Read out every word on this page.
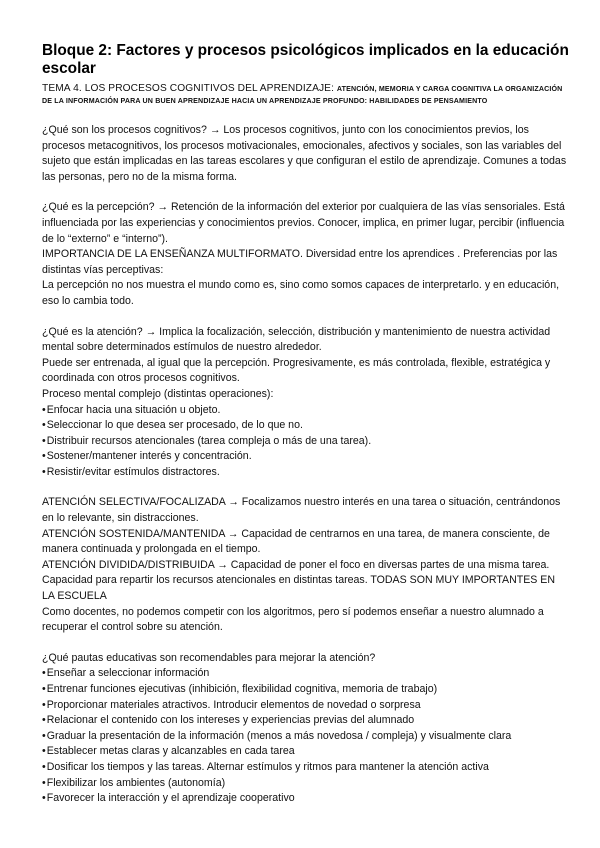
Bloque 2: Factores y procesos psicológicos implicados en la educación escolar

TEMA 4. LOS PROCESOS COGNITIVOS DEL APRENDIZAJE: ATENCIÓN, MEMORIA Y CARGA COGNITIVA LA ORGANIZACIÓN DE LA INFORMACIÓN PARA UN BUEN APRENDIZAJE HACIA UN APRENDIZAJE PROFUNDO: HABILIDADES DE PENSAMIENTO

¿Qué son los procesos cognitivos? → Los procesos cognitivos, junto con los conocimientos previos, los procesos metacognitivos, los procesos motivacionales, emocionales, afectivos y sociales, son las variables del sujeto que están implicadas en las tareas escolares y que configuran el estilo de aprendizaje. Comunes a todas las personas, pero no de la misma forma.

¿Qué es la percepción? → Retención de la información del exterior por cualquiera de las vías sensoriales. Está influenciada por las experiencias y conocimientos previos. Conocer, implica, en primer lugar, percibir (influencia de lo “externo” e “interno”).

IMPORTANCIA DE LA ENSEÑANZA MULTIFORMATO. Diversidad entre los aprendices . Preferencias por las distintas vías perceptivas:

La percepción no nos muestra el mundo como es, sino como somos capaces de interpretarlo. y en educación, eso lo cambia todo.

¿Qué es la atención? → Implica la focalización, selección, distribución y mantenimiento de nuestra actividad mental sobre determinados estímulos de nuestro alrededor.

Puede ser entrenada, al igual que la percepción. Progresivamente, es más controlada, flexible, estratégica y coordinada con otros procesos cognitivos.

Proceso mental complejo (distintas operaciones):

• Enfocar hacia una situación u objeto.
• Seleccionar lo que desea ser procesado, de lo que no.
• Distribuir recursos atencionales (tarea compleja o más de una tarea).
• Sostener/mantener interés y concentración.
• Resistir/evitar estímulos distractores.

ATENCIÓN SELECTIVA/FOCALIZADA → Focalizamos nuestro interés en una tarea o situación, centrándonos en lo relevante, sin distracciones.

ATENCIÓN SOSTENIDA/MANTENIDA → Capacidad de centrarnos en una tarea, de manera consciente, de manera continuada y prolongada en el tiempo.

ATENCIÓN DIVIDIDA/DISTRIBUIDA → Capacidad de poner el foco en diversas partes de una misma tarea. Capacidad para repartir los recursos atencionales en distintas tareas. TODAS SON MUY IMPORTANTES EN LA ESCUELA

Como docentes, no podemos competir con los algoritmos, pero sí podemos enseñar a nuestro alumnado a recuperar el control sobre su atención.

¿Qué pautas educativas son recomendables para mejorar la atención?

• Enseñar a seleccionar información
• Entrenar funciones ejecutivas (inhibición, flexibilidad cognitiva, memoria de trabajo)
• Proporcionar materiales atractivos. Introducir elementos de novedad o sorpresa
• Relacionar el contenido con los intereses y experiencias previas del alumnado
• Graduar la presentación de la información (menos a más novedosa / compleja) y visualmente clara
• Establecer metas claras y alcanzables en cada tarea
• Dosificar los tiempos y las tareas. Alternar estímulos y ritmos para mantener la atención activa
• Flexibilizar los ambientes (autonomía)
• Favorecer la interacción y el aprendizaje cooperativo
